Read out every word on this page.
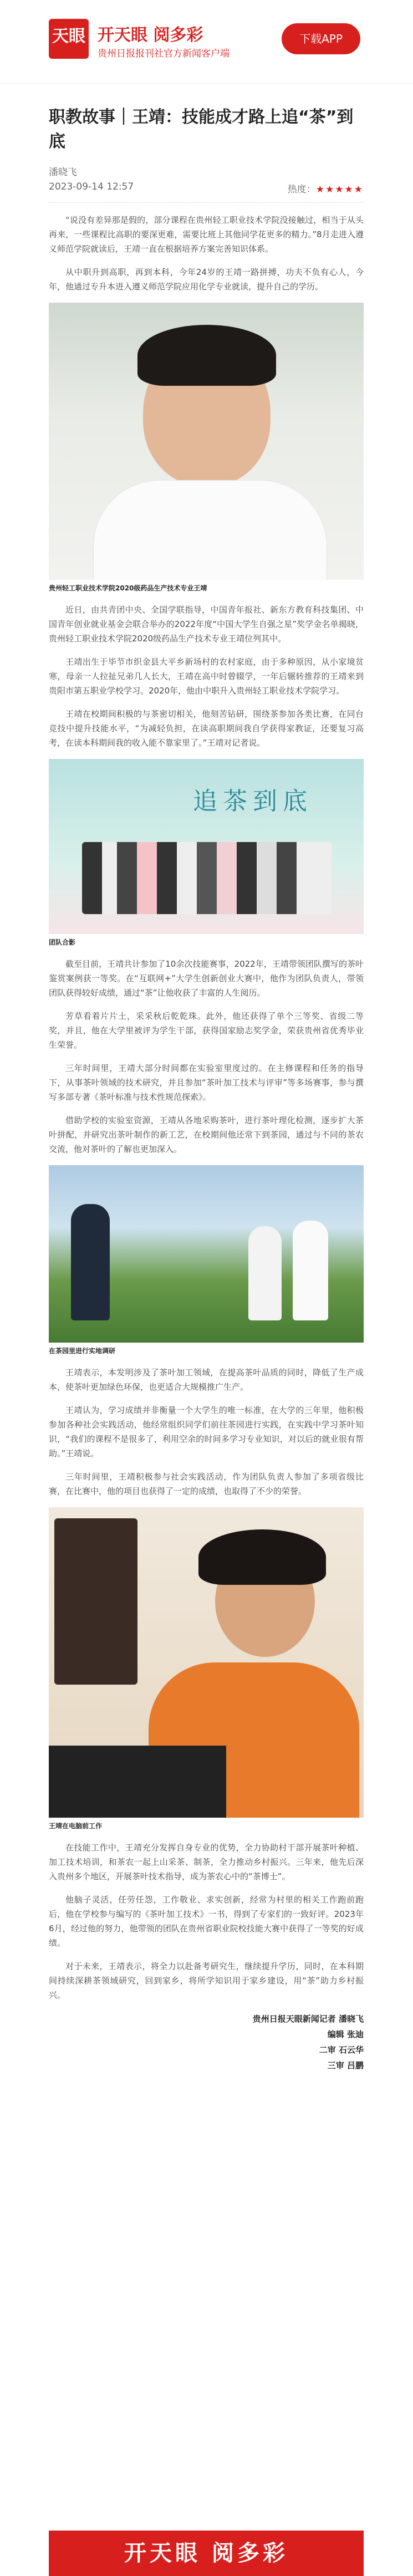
天眼 开天眼 阅多彩
贵州日报报刊社官方新闻客户端
下载APP
职教故事｜王靖：技能成才路上追“茶”到底
潘晓飞
2023-09-14 12:57	热度：★★★★★

“说没有差异那是假的，部分课程在贵州轻工职业技术学院没接触过，相当于从头再来，一些课程比高职的要深更难，需要比班上其他同学花更多的精力。”8月走进入遵义师范学院就读后，王靖一直在根据培养方案完善知识体系。

从中职升到高职，再到本科，今年24岁的王靖一路拼搏，功夫不负有心人，今年，他通过专升本进入遵义师范学院应用化学专业就读，提升自己的学历。

贵州轻工职业技术学院2020级药品生产技术专业王靖

近日，由共青团中央、全国学联指导，中国青年报社、新东方教育科技集团、中国青年创业就业基金会联合举办的2022年度“中国大学生自强之星”奖学金名单揭晓，贵州轻工职业技术学院2020级药品生产技术专业王靖位列其中。

王靖出生于毕节市织金县大平乡新场村的农村家庭，由于多种原因，从小家境贫寒，母亲一人拉扯兄弟几人长大，王靖在高中时曾辍学，一年后辗转推荐的王靖来到贵阳市第五职业学校学习。2020年，他由中职升入贵州轻工职业技术学院学习。

王靖在校期间积极的与茶密切相关，他刻苦钻研，围绕茶参加各类比赛，在同台竞技中提升技能水平，“为减轻负担，在读高职期间我自学获得家教证，还要复习高考，在读本科期间我的收入能不靠家里了。”王靖对记者说。

追茶到底
团队合影

截至目前，王靖共计参加了10余次技能赛事，2022年，王靖带领团队撰写的茶叶鉴赏案例获一等奖。在“互联网+”大学生创新创业大赛中，他作为团队负责人，带领团队获得较好成绩，通过“茶”让他收获了丰富的人生阅历。

芳草看着片片土，采采秋后乾乾珠。此外，他还获得了单个三等奖、省级二等奖，并且，他在大学里被评为学生干部，获得国家励志奖学金，荣获贵州省优秀毕业生荣誉。

三年时间里，王靖大部分时间都在实验室里度过的。在主修课程和任务的指导下，从事茶叶领域的技术研究，并且参加“茶叶加工技术与评审”等多场赛事，参与撰写多部专著《茶叶标准与技术性规范探索》。

借助学校的实验室资源，王靖从各地采购茶叶，进行茶叶理化检测，逐步扩大茶叶拼配，并研究出茶叶制作的新工艺，在校期间他还常下到茶园，通过与不同的茶农交流，他对茶叶的了解也更加深入。

在茶园里进行实地调研

王靖表示，本发明涉及了茶叶加工领域，在提高茶叶品质的同时，降低了生产成本，使茶叶更加绿色环保，也更适合大规模推广生产。

王靖认为，学习成绩并非衡量一个大学生的唯一标准，在大学的三年里，他积极参加各种社会实践活动，他经常组织同学们前往茶园进行实践，在实践中学习茶叶知识，“我们的课程不是很多了，利用空余的时间多学习专业知识，对以后的就业很有帮助。”王靖说。

三年时间里，王靖积极参与社会实践活动，作为团队负责人参加了多项省级比赛，在比赛中，他的项目也获得了一定的成绩，也取得了不少的荣誉。

王靖在电脑前工作

在技能工作中，王靖充分发挥自身专业的优势，全力协助村干部开展茶叶种植、加工技术培训，和茶农一起上山采茶、制茶，全力推动乡村振兴。三年来，他先后深入贵州多个地区，开展茶叶技术指导，成为茶农心中的“茶博士”。

他脑子灵活，任劳任怨，工作敬业、求实创新，经常为村里的相关工作跑前跑后，他在学校参与编写的《茶叶加工技术》一书，得到了专家们的一致好评。2023年6月，经过他的努力，他带领的团队在贵州省职业院校技能大赛中获得了一等奖的好成绩。

对于未来，王靖表示，将全力以赴备考研究生，继续提升学历，同时，在本科期间持续深耕茶领域研究，回到家乡，将所学知识用于家乡建设，用“茶”助力乡村振兴。

贵州日报天眼新闻记者 潘晓飞
编辑 张迪
二审 石云华
三审 吕鹏
开天眼 阅多彩
